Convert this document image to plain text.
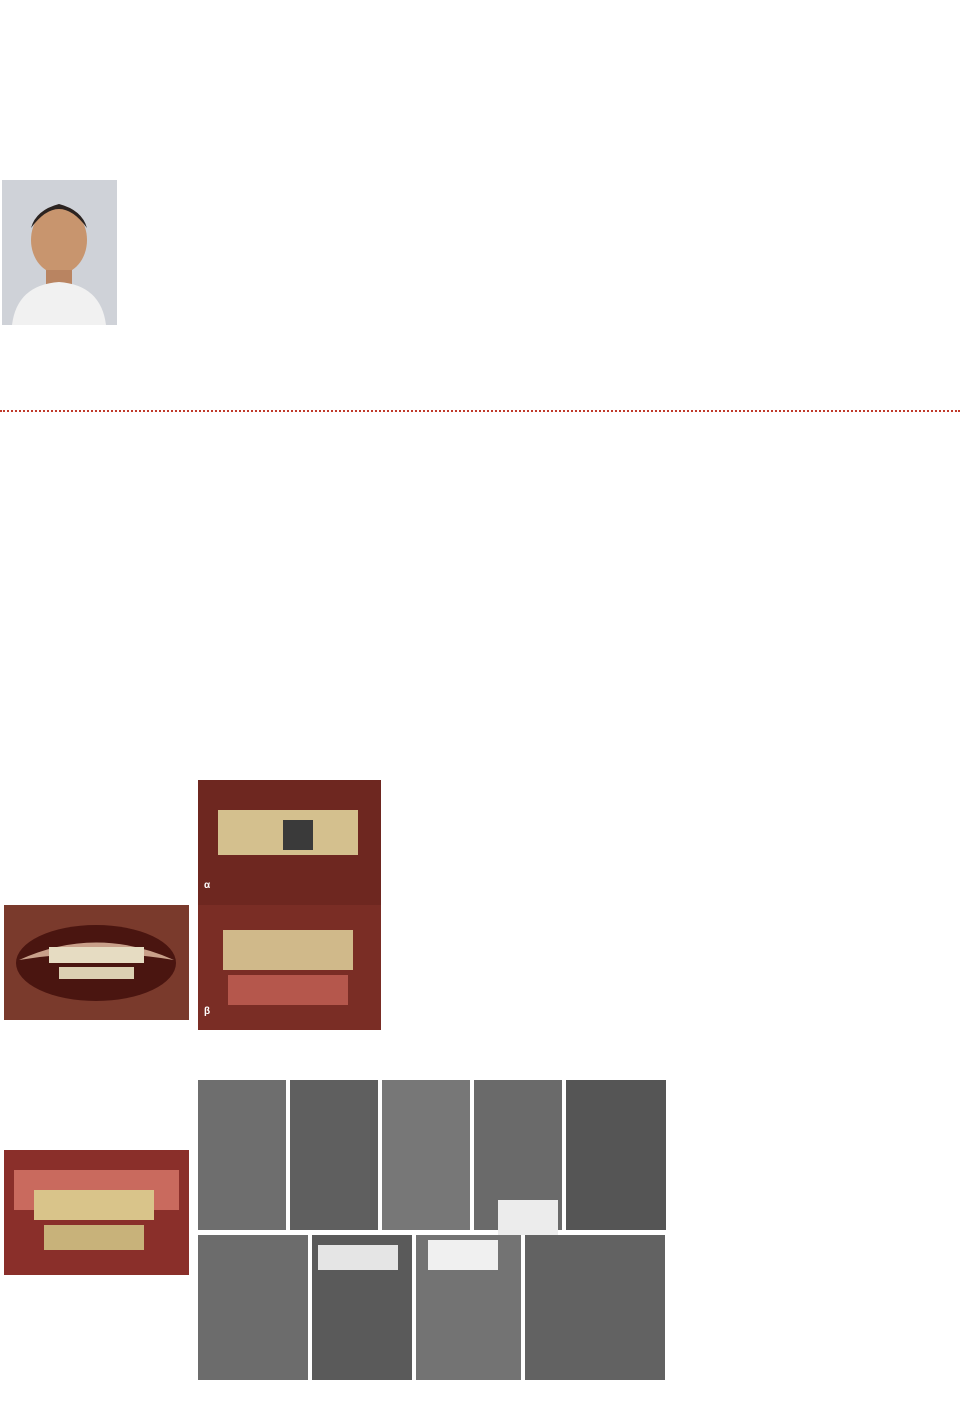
α
β
